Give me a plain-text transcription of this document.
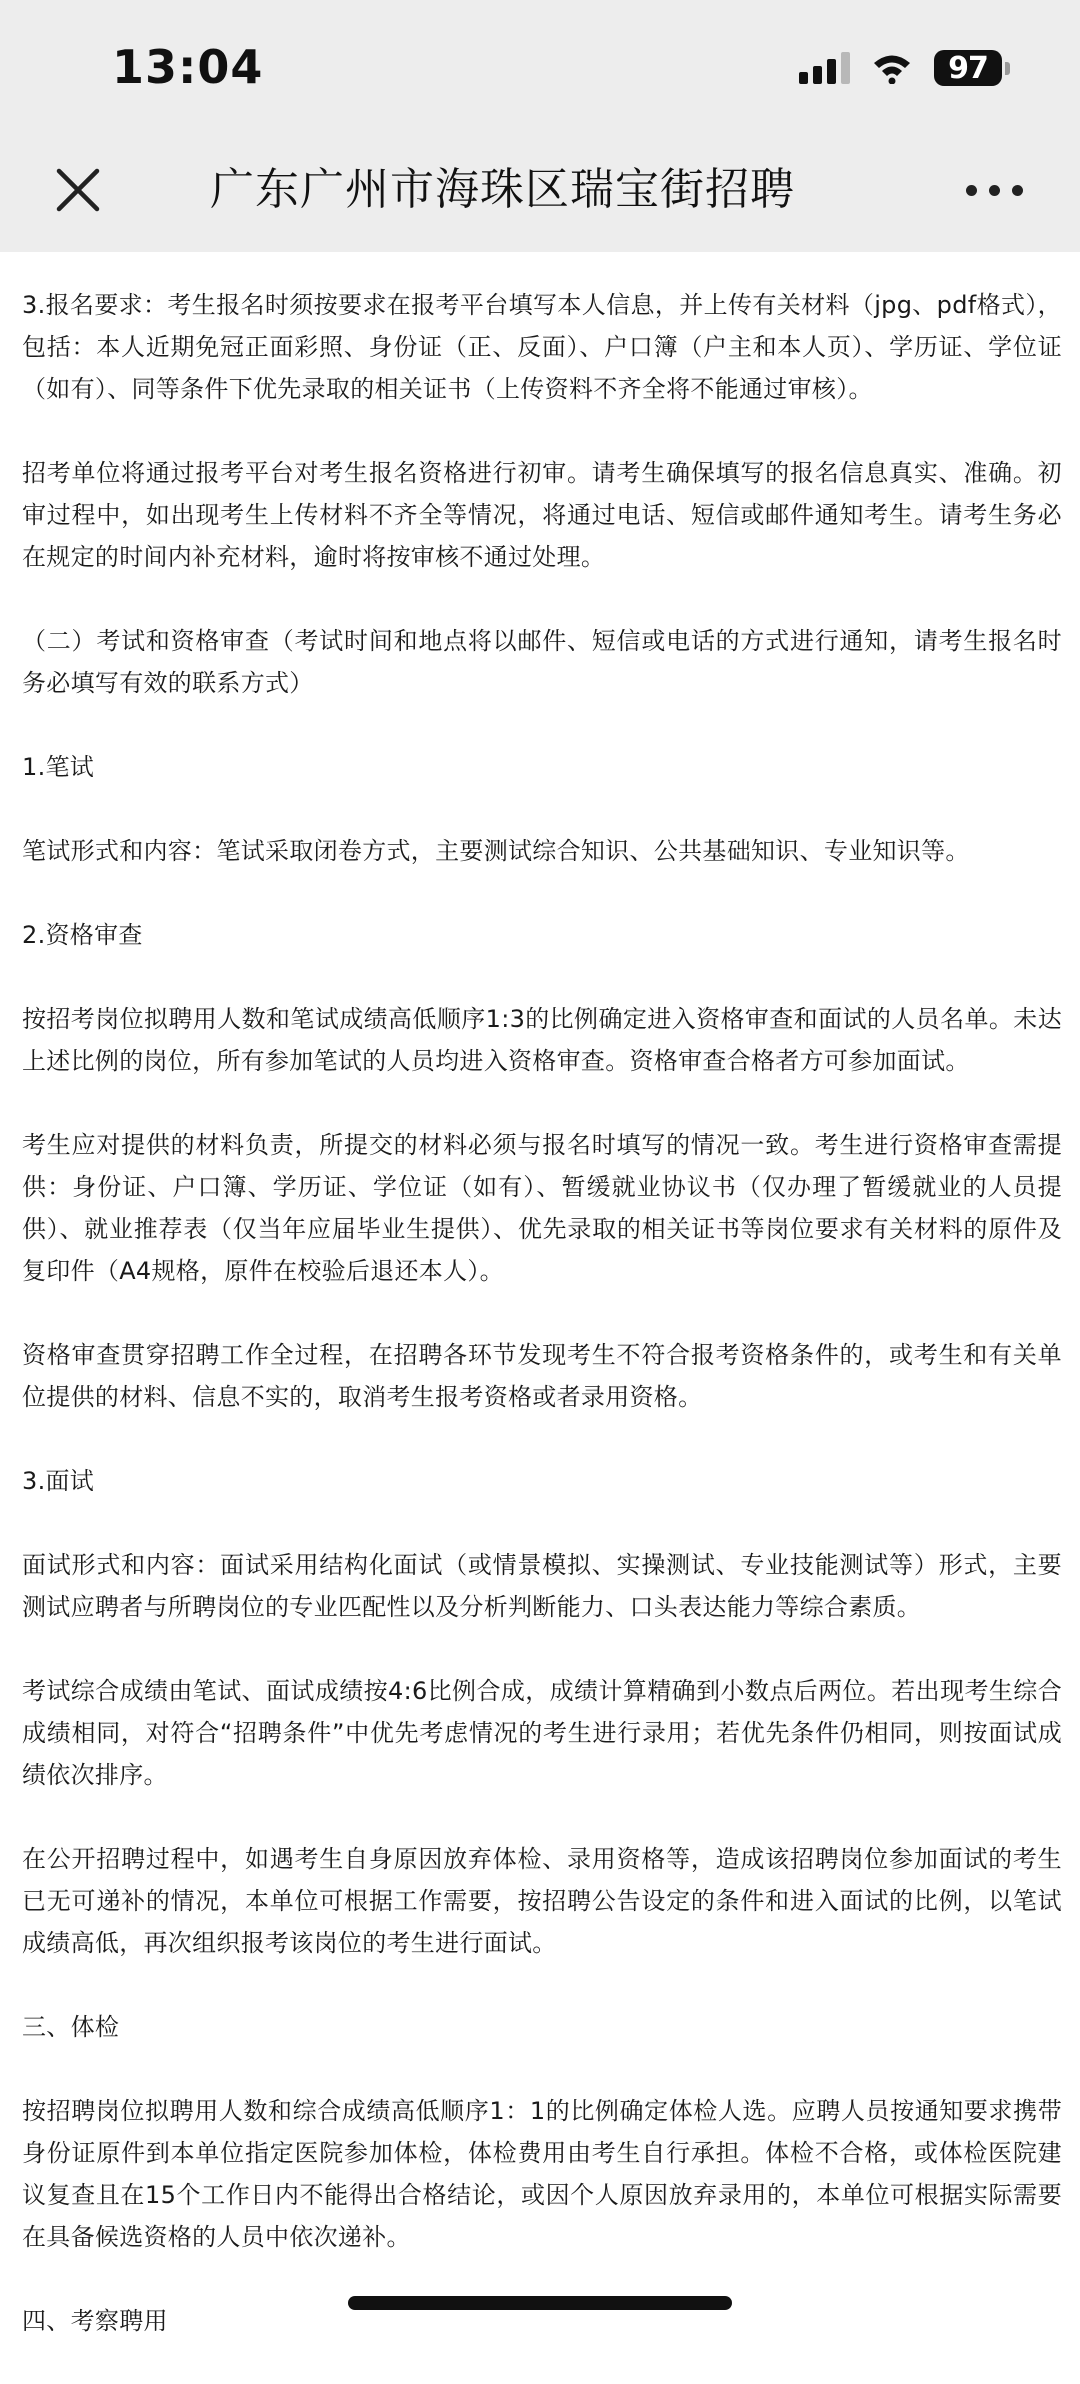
13:04	97
广东广州市海珠区瑞宝街招聘

3.报名要求：考生报名时须按要求在报考平台填写本人信息，并上传有关材料（jpg、pdf格式），包括：本人近期免冠正面彩照、身份证（正、反面）、户口簿（户主和本人页）、学历证、学位证（如有）、同等条件下优先录取的相关证书（上传资料不齐全将不能通过审核）。

招考单位将通过报考平台对考生报名资格进行初审。请考生确保填写的报名信息真实、准确。初审过程中，如出现考生上传材料不齐全等情况，将通过电话、短信或邮件通知考生。请考生务必在规定的时间内补充材料，逾时将按审核不通过处理。

（二）考试和资格审查（考试时间和地点将以邮件、短信或电话的方式进行通知，请考生报名时务必填写有效的联系方式）

1.笔试

笔试形式和内容：笔试采取闭卷方式，主要测试综合知识、公共基础知识、专业知识等。

2.资格审查

按招考岗位拟聘用人数和笔试成绩高低顺序1:3的比例确定进入资格审查和面试的人员名单。未达上述比例的岗位，所有参加笔试的人员均进入资格审查。资格审查合格者方可参加面试。

考生应对提供的材料负责，所提交的材料必须与报名时填写的情况一致。考生进行资格审查需提供：身份证、户口簿、学历证、学位证（如有）、暂缓就业协议书（仅办理了暂缓就业的人员提供）、就业推荐表（仅当年应届毕业生提供）、优先录取的相关证书等岗位要求有关材料的原件及复印件（A4规格，原件在校验后退还本人）。

资格审查贯穿招聘工作全过程，在招聘各环节发现考生不符合报考资格条件的，或考生和有关单位提供的材料、信息不实的，取消考生报考资格或者录用资格。

3.面试

面试形式和内容：面试采用结构化面试（或情景模拟、实操测试、专业技能测试等）形式，主要测试应聘者与所聘岗位的专业匹配性以及分析判断能力、口头表达能力等综合素质。

考试综合成绩由笔试、面试成绩按4:6比例合成，成绩计算精确到小数点后两位。若出现考生综合成绩相同，对符合“招聘条件”中优先考虑情况的考生进行录用；若优先条件仍相同，则按面试成绩依次排序。

在公开招聘过程中，如遇考生自身原因放弃体检、录用资格等，造成该招聘岗位参加面试的考生已无可递补的情况，本单位可根据工作需要，按招聘公告设定的条件和进入面试的比例，以笔试成绩高低，再次组织报考该岗位的考生进行面试。

三、体检

按招聘岗位拟聘用人数和综合成绩高低顺序1：1的比例确定体检人选。应聘人员按通知要求携带身份证原件到本单位指定医院参加体检，体检费用由考生自行承担。体检不合格，或体检医院建议复查且在15个工作日内不能得出合格结论，或因个人原因放弃录用的，本单位可根据实际需要在具备候选资格的人员中依次递补。

四、考察聘用
